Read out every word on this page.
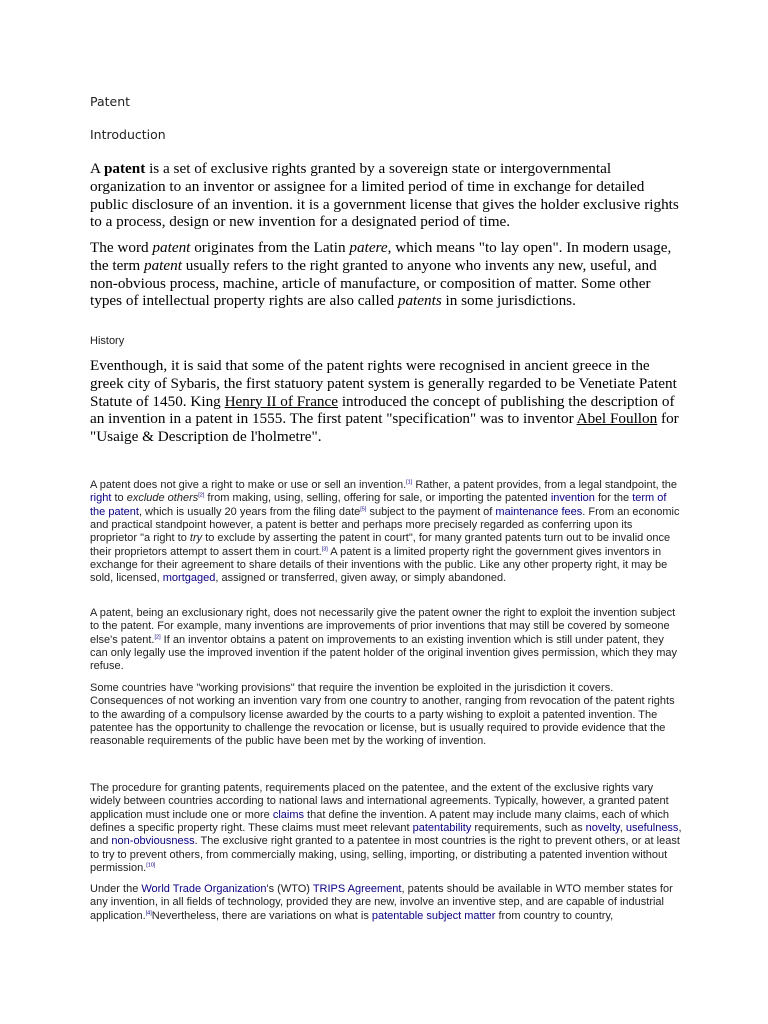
Patent
Introduction

A patent is a set of exclusive rights granted by a sovereign state or intergovernmental organization to an inventor or assignee for a limited period of time in exchange for detailed public disclosure of an invention. it is a government license that gives the holder exclusive rights to a process, design or new invention for a designated period of time.

The word patent originates from the Latin patere, which means "to lay open". In modern usage, the term patent usually refers to the right granted to anyone who invents any new, useful, and non-obvious process, machine, article of manufacture, or composition of matter. Some other types of intellectual property rights are also called patents in some jurisdictions.

History

Eventhough, it is said that some of the patent rights were recognised in ancient greece in the greek city of Sybaris, the first statuory patent system is generally regarded to be Venetiate Patent Statute of 1450. King Henry II of France introduced the concept of publishing the description of an invention in a patent in 1555. The first patent "specification" was to inventor Abel Foullon for "Usaige & Description de l'holmetre".

A patent does not give a right to make or use or sell an invention.[1] Rather, a patent provides, from a legal standpoint, the right to exclude others[2] from making, using, selling, offering for sale, or importing the patented invention for the term of the patent, which is usually 20 years from the filing date[5] subject to the payment of maintenance fees. From an economic and practical standpoint however, a patent is better and perhaps more precisely regarded as conferring upon its proprietor "a right to try to exclude by asserting the patent in court", for many granted patents turn out to be invalid once their proprietors attempt to assert them in court.[3] A patent is a limited property right the government gives inventors in exchange for their agreement to share details of their inventions with the public. Like any other property right, it may be sold, licensed, mortgaged, assigned or transferred, given away, or simply abandoned.

A patent, being an exclusionary right, does not necessarily give the patent owner the right to exploit the invention subject to the patent. For example, many inventions are improvements of prior inventions that may still be covered by someone else's patent.[2] If an inventor obtains a patent on improvements to an existing invention which is still under patent, they can only legally use the improved invention if the patent holder of the original invention gives permission, which they may refuse.

Some countries have "working provisions" that require the invention be exploited in the jurisdiction it covers. Consequences of not working an invention vary from one country to another, ranging from revocation of the patent rights to the awarding of a compulsory license awarded by the courts to a party wishing to exploit a patented invention. The patentee has the opportunity to challenge the revocation or license, but is usually required to provide evidence that the reasonable requirements of the public have been met by the working of invention.

The procedure for granting patents, requirements placed on the patentee, and the extent of the exclusive rights vary widely between countries according to national laws and international agreements. Typically, however, a granted patent application must include one or more claims that define the invention. A patent may include many claims, each of which defines a specific property right. These claims must meet relevant patentability requirements, such as novelty, usefulness, and non-obviousness. The exclusive right granted to a patentee in most countries is the right to prevent others, or at least to try to prevent others, from commercially making, using, selling, importing, or distributing a patented invention without permission.[10]

Under the World Trade Organization's (WTO) TRIPS Agreement, patents should be available in WTO member states for any invention, in all fields of technology, provided they are new, involve an inventive step, and are capable of industrial application.[4]Nevertheless, there are variations on what is patentable subject matter from country to country,
